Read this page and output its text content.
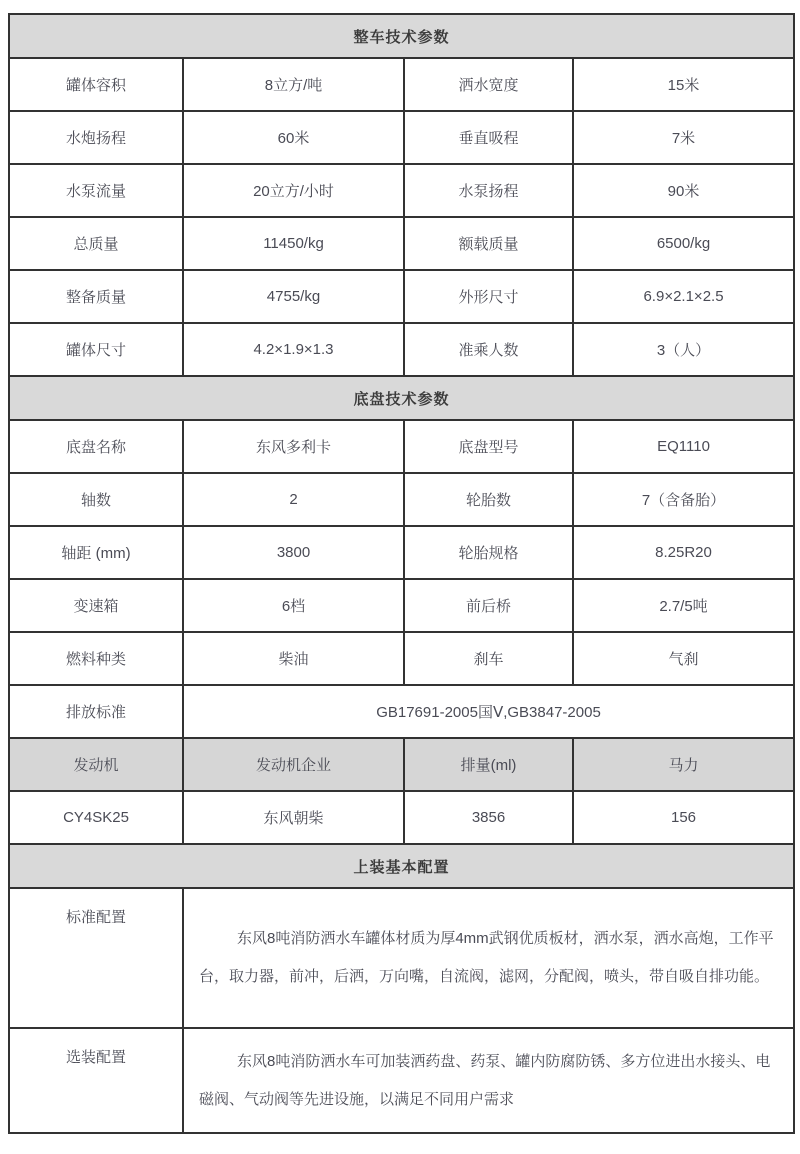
整车技术参数			
罐体容积	8立方/吨	洒水宽度	15米
水炮扬程	60米	垂直吸程	7米
水泵流量	20立方/小时	水泵扬程	90米
总质量	11450/kg	额载质量	6500/kg
整备质量	4755/kg	外形尺寸	6.9×2.1×2.5
罐体尺寸	4.2×1.9×1.3	准乘人数	3（人）
底盘技术参数			
底盘名称	东风多利卡	底盘型号	EQ1110
轴数	2	轮胎数	7（含备胎）
轴距 (mm)	3800	轮胎规格	8.25R20
变速箱	6档	前后桥	2.7/5吨
燃料种类	柴油	刹车	气刹
排放标准	GB17691-2005国Ⅴ,GB3847-2005		
发动机	发动机企业	排量(ml)	马力
CY4SK25	东风朝柴	3856	156
上装基本配置			
标准配置	东风8吨消防洒水车罐体材质为厚4mm武钢优质板材，洒水泵，洒水高炮，工作平台，取力器，前冲，后洒，万向嘴，自流阀，滤网，分配阀，喷头，带自吸自排功能。		
选装配置	东风8吨消防洒水车可加装洒药盘、药泵、罐内防腐防锈、多方位进出水接头、电磁阀、气动阀等先进设施，以满足不同用户需求		
